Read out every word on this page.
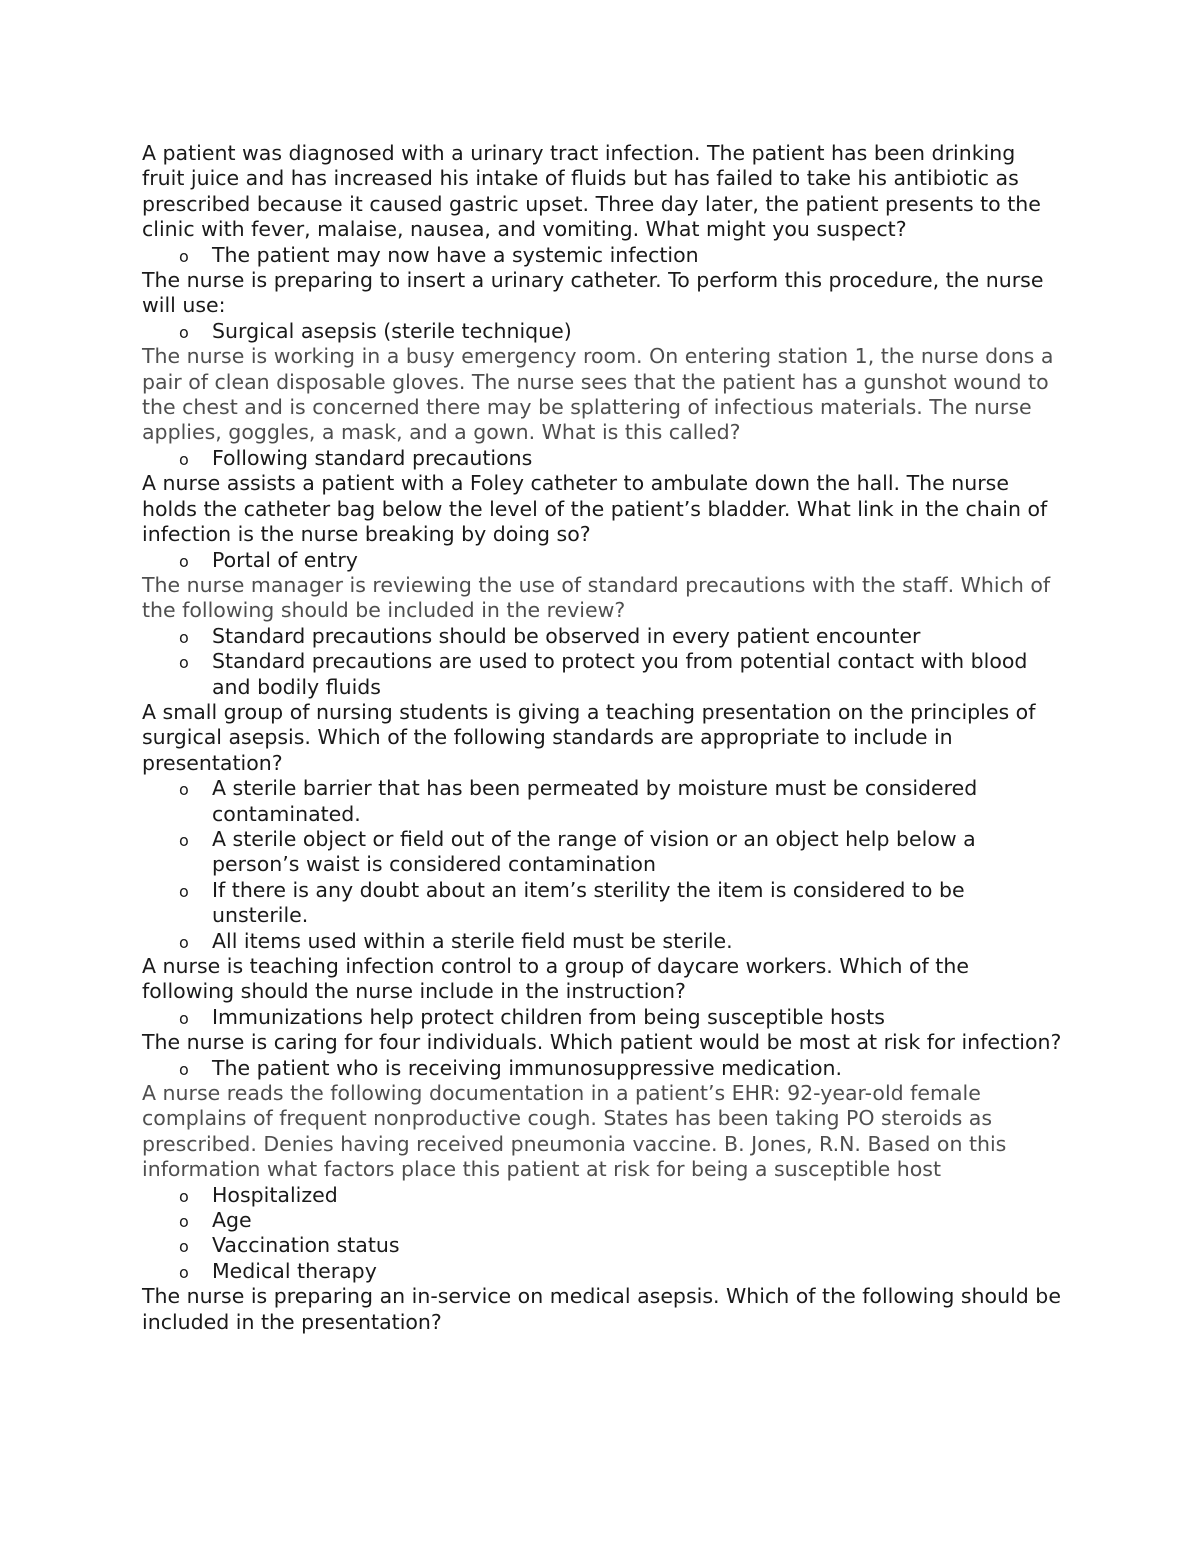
A patient was diagnosed with a urinary tract infection. The patient has been drinking fruit juice and has increased his intake of fluids but has failed to take his antibiotic as prescribed because it caused gastric upset. Three day later, the patient presents to the clinic with fever, malaise, nausea, and vomiting. What might you suspect?

o The patient may now have a systemic infection

The nurse is preparing to insert a urinary catheter. To perform this procedure, the nurse will use:

o Surgical asepsis (sterile technique)

The nurse is working in a busy emergency room. On entering station 1, the nurse dons a pair of clean disposable gloves. The nurse sees that the patient has a gunshot wound to the chest and is concerned there may be splattering of infectious materials. The nurse applies, goggles, a mask, and a gown. What is this called?

o Following standard precautions

A nurse assists a patient with a Foley catheter to ambulate down the hall. The nurse holds the catheter bag below the level of the patient’s bladder. What link in the chain of infection is the nurse breaking by doing so?

o Portal of entry

The nurse manager is reviewing the use of standard precautions with the staff. Which of the following should be included in the review?

o Standard precautions should be observed in every patient encounter
o Standard precautions are used to protect you from potential contact with blood and bodily fluids

A small group of nursing students is giving a teaching presentation on the principles of surgical asepsis. Which of the following standards are appropriate to include in presentation?

o A sterile barrier that has been permeated by moisture must be considered contaminated.
o A sterile object or field out of the range of vision or an object help below a person’s waist is considered contamination
o If there is any doubt about an item’s sterility the item is considered to be unsterile.
o All items used within a sterile field must be sterile.

A nurse is teaching infection control to a group of daycare workers. Which of the following should the nurse include in the instruction?

o Immunizations help protect children from being susceptible hosts

The nurse is caring for four individuals. Which patient would be most at risk for infection?

o The patient who is receiving immunosuppressive medication.

A nurse reads the following documentation in a patient’s EHR: 92-year-old female complains of frequent nonproductive cough. States has been taking PO steroids as prescribed. Denies having received pneumonia vaccine. B. Jones, R.N. Based on this information what factors place this patient at risk for being a susceptible host

o Hospitalized
o Age
o Vaccination status
o Medical therapy

The nurse is preparing an in-service on medical asepsis. Which of the following should be included in the presentation?
